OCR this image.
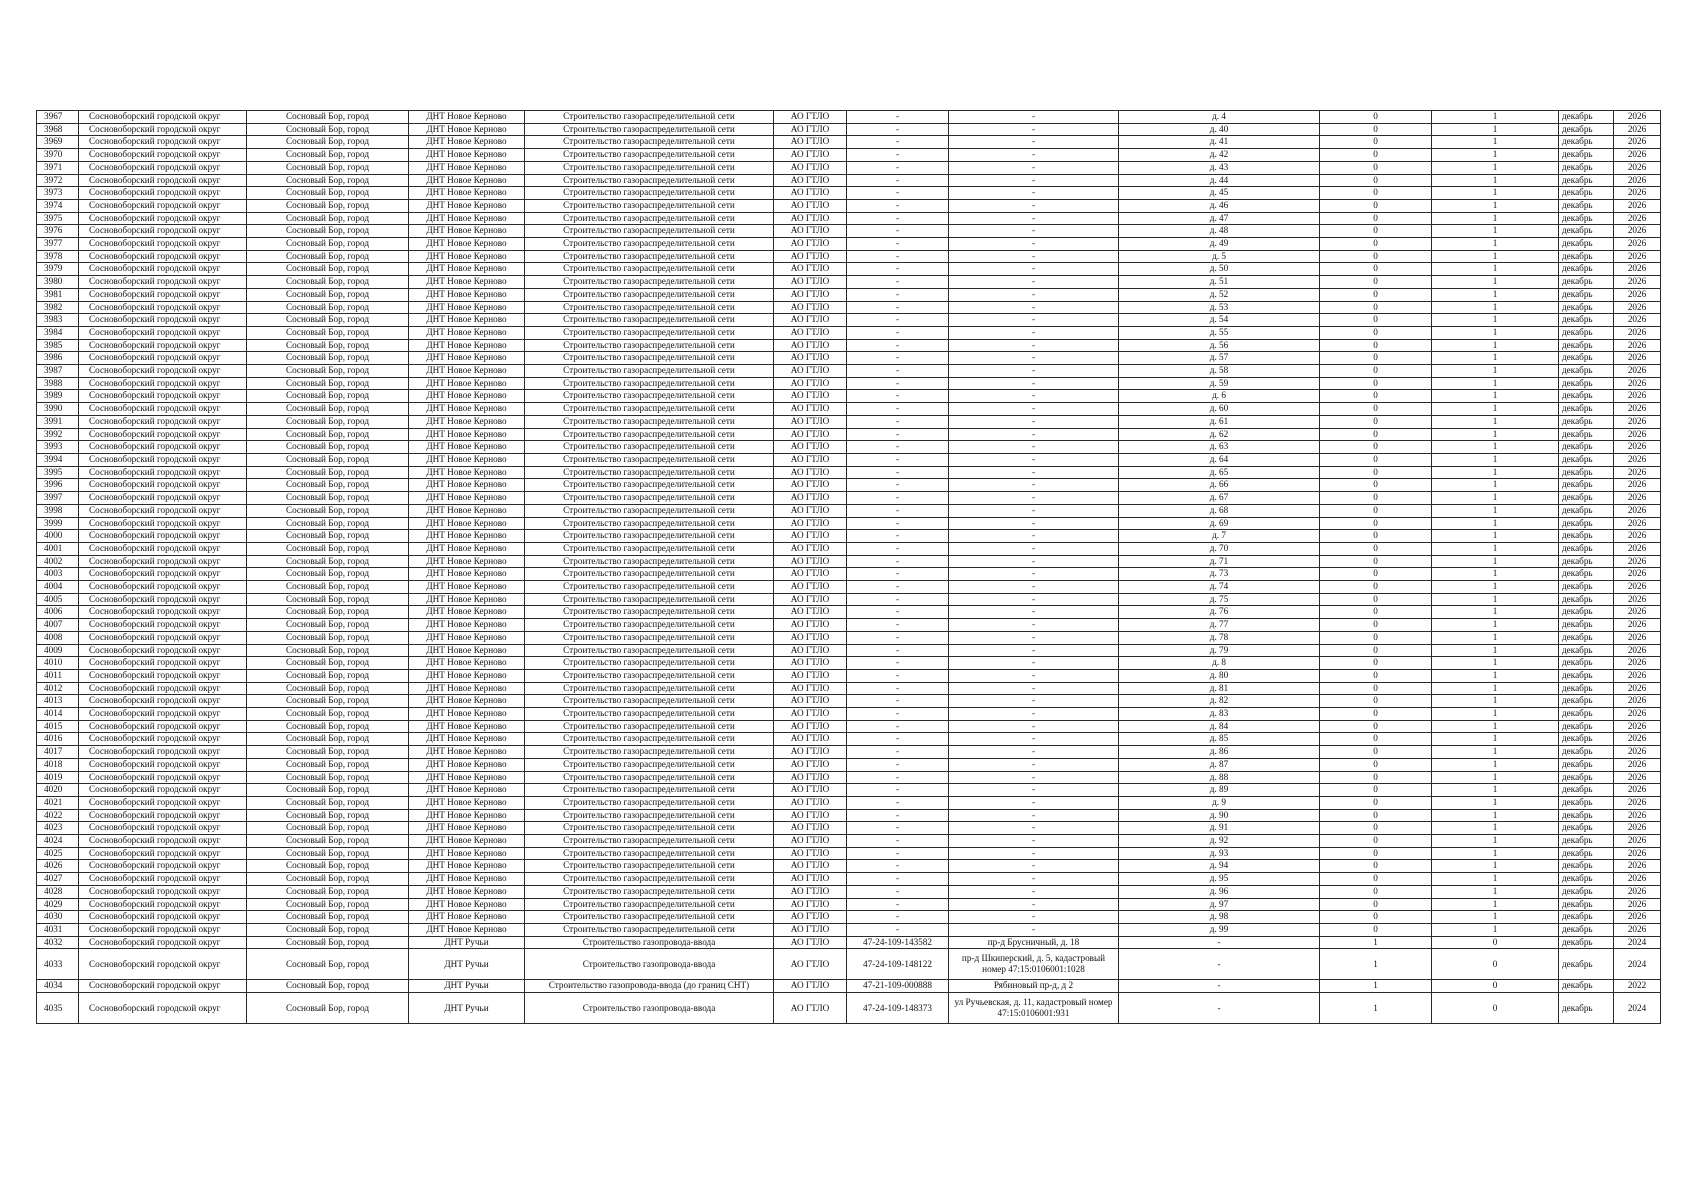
3967	Сосновоборский городской округ	Сосновый Бор, город	ДНТ Новое Керново	Строительство газораспределительной сети	АО ГТЛО	-	-	д. 4	0	1	декабрь	2026
3968	Сосновоборский городской округ	Сосновый Бор, город	ДНТ Новое Керново	Строительство газораспределительной сети	АО ГТЛО	-	-	д. 40	0	1	декабрь	2026
3969	Сосновоборский городской округ	Сосновый Бор, город	ДНТ Новое Керново	Строительство газораспределительной сети	АО ГТЛО	-	-	д. 41	0	1	декабрь	2026
3970	Сосновоборский городской округ	Сосновый Бор, город	ДНТ Новое Керново	Строительство газораспределительной сети	АО ГТЛО	-	-	д. 42	0	1	декабрь	2026
3971	Сосновоборский городской округ	Сосновый Бор, город	ДНТ Новое Керново	Строительство газораспределительной сети	АО ГТЛО	-	-	д. 43	0	1	декабрь	2026
3972	Сосновоборский городской округ	Сосновый Бор, город	ДНТ Новое Керново	Строительство газораспределительной сети	АО ГТЛО	-	-	д. 44	0	1	декабрь	2026
3973	Сосновоборский городской округ	Сосновый Бор, город	ДНТ Новое Керново	Строительство газораспределительной сети	АО ГТЛО	-	-	д. 45	0	1	декабрь	2026
3974	Сосновоборский городской округ	Сосновый Бор, город	ДНТ Новое Керново	Строительство газораспределительной сети	АО ГТЛО	-	-	д. 46	0	1	декабрь	2026
3975	Сосновоборский городской округ	Сосновый Бор, город	ДНТ Новое Керново	Строительство газораспределительной сети	АО ГТЛО	-	-	д. 47	0	1	декабрь	2026
3976	Сосновоборский городской округ	Сосновый Бор, город	ДНТ Новое Керново	Строительство газораспределительной сети	АО ГТЛО	-	-	д. 48	0	1	декабрь	2026
3977	Сосновоборский городской округ	Сосновый Бор, город	ДНТ Новое Керново	Строительство газораспределительной сети	АО ГТЛО	-	-	д. 49	0	1	декабрь	2026
3978	Сосновоборский городской округ	Сосновый Бор, город	ДНТ Новое Керново	Строительство газораспределительной сети	АО ГТЛО	-	-	д. 5	0	1	декабрь	2026
3979	Сосновоборский городской округ	Сосновый Бор, город	ДНТ Новое Керново	Строительство газораспределительной сети	АО ГТЛО	-	-	д. 50	0	1	декабрь	2026
3980	Сосновоборский городской округ	Сосновый Бор, город	ДНТ Новое Керново	Строительство газораспределительной сети	АО ГТЛО	-	-	д. 51	0	1	декабрь	2026
3981	Сосновоборский городской округ	Сосновый Бор, город	ДНТ Новое Керново	Строительство газораспределительной сети	АО ГТЛО	-	-	д. 52	0	1	декабрь	2026
3982	Сосновоборский городской округ	Сосновый Бор, город	ДНТ Новое Керново	Строительство газораспределительной сети	АО ГТЛО	-	-	д. 53	0	1	декабрь	2026
3983	Сосновоборский городской округ	Сосновый Бор, город	ДНТ Новое Керново	Строительство газораспределительной сети	АО ГТЛО	-	-	д. 54	0	1	декабрь	2026
3984	Сосновоборский городской округ	Сосновый Бор, город	ДНТ Новое Керново	Строительство газораспределительной сети	АО ГТЛО	-	-	д. 55	0	1	декабрь	2026
3985	Сосновоборский городской округ	Сосновый Бор, город	ДНТ Новое Керново	Строительство газораспределительной сети	АО ГТЛО	-	-	д. 56	0	1	декабрь	2026
3986	Сосновоборский городской округ	Сосновый Бор, город	ДНТ Новое Керново	Строительство газораспределительной сети	АО ГТЛО	-	-	д. 57	0	1	декабрь	2026
3987	Сосновоборский городской округ	Сосновый Бор, город	ДНТ Новое Керново	Строительство газораспределительной сети	АО ГТЛО	-	-	д. 58	0	1	декабрь	2026
3988	Сосновоборский городской округ	Сосновый Бор, город	ДНТ Новое Керново	Строительство газораспределительной сети	АО ГТЛО	-	-	д. 59	0	1	декабрь	2026
3989	Сосновоборский городской округ	Сосновый Бор, город	ДНТ Новое Керново	Строительство газораспределительной сети	АО ГТЛО	-	-	д. 6	0	1	декабрь	2026
3990	Сосновоборский городской округ	Сосновый Бор, город	ДНТ Новое Керново	Строительство газораспределительной сети	АО ГТЛО	-	-	д. 60	0	1	декабрь	2026
3991	Сосновоборский городской округ	Сосновый Бор, город	ДНТ Новое Керново	Строительство газораспределительной сети	АО ГТЛО	-	-	д. 61	0	1	декабрь	2026
3992	Сосновоборский городской округ	Сосновый Бор, город	ДНТ Новое Керново	Строительство газораспределительной сети	АО ГТЛО	-	-	д. 62	0	1	декабрь	2026
3993	Сосновоборский городской округ	Сосновый Бор, город	ДНТ Новое Керново	Строительство газораспределительной сети	АО ГТЛО	-	-	д. 63	0	1	декабрь	2026
3994	Сосновоборский городской округ	Сосновый Бор, город	ДНТ Новое Керново	Строительство газораспределительной сети	АО ГТЛО	-	-	д. 64	0	1	декабрь	2026
3995	Сосновоборский городской округ	Сосновый Бор, город	ДНТ Новое Керново	Строительство газораспределительной сети	АО ГТЛО	-	-	д. 65	0	1	декабрь	2026
3996	Сосновоборский городской округ	Сосновый Бор, город	ДНТ Новое Керново	Строительство газораспределительной сети	АО ГТЛО	-	-	д. 66	0	1	декабрь	2026
3997	Сосновоборский городской округ	Сосновый Бор, город	ДНТ Новое Керново	Строительство газораспределительной сети	АО ГТЛО	-	-	д. 67	0	1	декабрь	2026
3998	Сосновоборский городской округ	Сосновый Бор, город	ДНТ Новое Керново	Строительство газораспределительной сети	АО ГТЛО	-	-	д. 68	0	1	декабрь	2026
3999	Сосновоборский городской округ	Сосновый Бор, город	ДНТ Новое Керново	Строительство газораспределительной сети	АО ГТЛО	-	-	д. 69	0	1	декабрь	2026
4000	Сосновоборский городской округ	Сосновый Бор, город	ДНТ Новое Керново	Строительство газораспределительной сети	АО ГТЛО	-	-	д. 7	0	1	декабрь	2026
4001	Сосновоборский городской округ	Сосновый Бор, город	ДНТ Новое Керново	Строительство газораспределительной сети	АО ГТЛО	-	-	д. 70	0	1	декабрь	2026
4002	Сосновоборский городской округ	Сосновый Бор, город	ДНТ Новое Керново	Строительство газораспределительной сети	АО ГТЛО	-	-	д. 71	0	1	декабрь	2026
4003	Сосновоборский городской округ	Сосновый Бор, город	ДНТ Новое Керново	Строительство газораспределительной сети	АО ГТЛО	-	-	д. 73	0	1	декабрь	2026
4004	Сосновоборский городской округ	Сосновый Бор, город	ДНТ Новое Керново	Строительство газораспределительной сети	АО ГТЛО	-	-	д. 74	0	1	декабрь	2026
4005	Сосновоборский городской округ	Сосновый Бор, город	ДНТ Новое Керново	Строительство газораспределительной сети	АО ГТЛО	-	-	д. 75	0	1	декабрь	2026
4006	Сосновоборский городской округ	Сосновый Бор, город	ДНТ Новое Керново	Строительство газораспределительной сети	АО ГТЛО	-	-	д. 76	0	1	декабрь	2026
4007	Сосновоборский городской округ	Сосновый Бор, город	ДНТ Новое Керново	Строительство газораспределительной сети	АО ГТЛО	-	-	д. 77	0	1	декабрь	2026
4008	Сосновоборский городской округ	Сосновый Бор, город	ДНТ Новое Керново	Строительство газораспределительной сети	АО ГТЛО	-	-	д. 78	0	1	декабрь	2026
4009	Сосновоборский городской округ	Сосновый Бор, город	ДНТ Новое Керново	Строительство газораспределительной сети	АО ГТЛО	-	-	д. 79	0	1	декабрь	2026
4010	Сосновоборский городской округ	Сосновый Бор, город	ДНТ Новое Керново	Строительство газораспределительной сети	АО ГТЛО	-	-	д. 8	0	1	декабрь	2026
4011	Сосновоборский городской округ	Сосновый Бор, город	ДНТ Новое Керново	Строительство газораспределительной сети	АО ГТЛО	-	-	д. 80	0	1	декабрь	2026
4012	Сосновоборский городской округ	Сосновый Бор, город	ДНТ Новое Керново	Строительство газораспределительной сети	АО ГТЛО	-	-	д. 81	0	1	декабрь	2026
4013	Сосновоборский городской округ	Сосновый Бор, город	ДНТ Новое Керново	Строительство газораспределительной сети	АО ГТЛО	-	-	д. 82	0	1	декабрь	2026
4014	Сосновоборский городской округ	Сосновый Бор, город	ДНТ Новое Керново	Строительство газораспределительной сети	АО ГТЛО	-	-	д. 83	0	1	декабрь	2026
4015	Сосновоборский городской округ	Сосновый Бор, город	ДНТ Новое Керново	Строительство газораспределительной сети	АО ГТЛО	-	-	д. 84	0	1	декабрь	2026
4016	Сосновоборский городской округ	Сосновый Бор, город	ДНТ Новое Керново	Строительство газораспределительной сети	АО ГТЛО	-	-	д. 85	0	1	декабрь	2026
4017	Сосновоборский городской округ	Сосновый Бор, город	ДНТ Новое Керново	Строительство газораспределительной сети	АО ГТЛО	-	-	д. 86	0	1	декабрь	2026
4018	Сосновоборский городской округ	Сосновый Бор, город	ДНТ Новое Керново	Строительство газораспределительной сети	АО ГТЛО	-	-	д. 87	0	1	декабрь	2026
4019	Сосновоборский городской округ	Сосновый Бор, город	ДНТ Новое Керново	Строительство газораспределительной сети	АО ГТЛО	-	-	д. 88	0	1	декабрь	2026
4020	Сосновоборский городской округ	Сосновый Бор, город	ДНТ Новое Керново	Строительство газораспределительной сети	АО ГТЛО	-	-	д. 89	0	1	декабрь	2026
4021	Сосновоборский городской округ	Сосновый Бор, город	ДНТ Новое Керново	Строительство газораспределительной сети	АО ГТЛО	-	-	д. 9	0	1	декабрь	2026
4022	Сосновоборский городской округ	Сосновый Бор, город	ДНТ Новое Керново	Строительство газораспределительной сети	АО ГТЛО	-	-	д. 90	0	1	декабрь	2026
4023	Сосновоборский городской округ	Сосновый Бор, город	ДНТ Новое Керново	Строительство газораспределительной сети	АО ГТЛО	-	-	д. 91	0	1	декабрь	2026
4024	Сосновоборский городской округ	Сосновый Бор, город	ДНТ Новое Керново	Строительство газораспределительной сети	АО ГТЛО	-	-	д. 92	0	1	декабрь	2026
4025	Сосновоборский городской округ	Сосновый Бор, город	ДНТ Новое Керново	Строительство газораспределительной сети	АО ГТЛО	-	-	д. 93	0	1	декабрь	2026
4026	Сосновоборский городской округ	Сосновый Бор, город	ДНТ Новое Керново	Строительство газораспределительной сети	АО ГТЛО	-	-	д. 94	0	1	декабрь	2026
4027	Сосновоборский городской округ	Сосновый Бор, город	ДНТ Новое Керново	Строительство газораспределительной сети	АО ГТЛО	-	-	д. 95	0	1	декабрь	2026
4028	Сосновоборский городской округ	Сосновый Бор, город	ДНТ Новое Керново	Строительство газораспределительной сети	АО ГТЛО	-	-	д. 96	0	1	декабрь	2026
4029	Сосновоборский городской округ	Сосновый Бор, город	ДНТ Новое Керново	Строительство газораспределительной сети	АО ГТЛО	-	-	д. 97	0	1	декабрь	2026
4030	Сосновоборский городской округ	Сосновый Бор, город	ДНТ Новое Керново	Строительство газораспределительной сети	АО ГТЛО	-	-	д. 98	0	1	декабрь	2026
4031	Сосновоборский городской округ	Сосновый Бор, город	ДНТ Новое Керново	Строительство газораспределительной сети	АО ГТЛО	-	-	д. 99	0	1	декабрь	2026
4032	Сосновоборский городской округ	Сосновый Бор, город	ДНТ Ручьи	Строительство газопровода-ввода	АО ГТЛО	47-24-109-143582	пр-д Брусничный, д. 18	-	1	0	декабрь	2024
4033	Сосновоборский городской округ	Сосновый Бор, город	ДНТ Ручьи	Строительство газопровода-ввода	АО ГТЛО	47-24-109-148122	пр-д Шкиперский, д. 5, кадастровый номер 47:15:0106001:1028	-	1	0	декабрь	2024
4034	Сосновоборский городской округ	Сосновый Бор, город	ДНТ Ручьи	Строительство газопровода-ввода (до границ СНТ)	АО ГТЛО	47-21-109-000888	Рябиновый пр-д, д 2	-	1	0	декабрь	2022
4035	Сосновоборский городской округ	Сосновый Бор, город	ДНТ Ручьи	Строительство газопровода-ввода	АО ГТЛО	47-24-109-148373	ул Ручьевская, д. 11, кадастровый номер 47:15:0106001:931	-	1	0	декабрь	2024
